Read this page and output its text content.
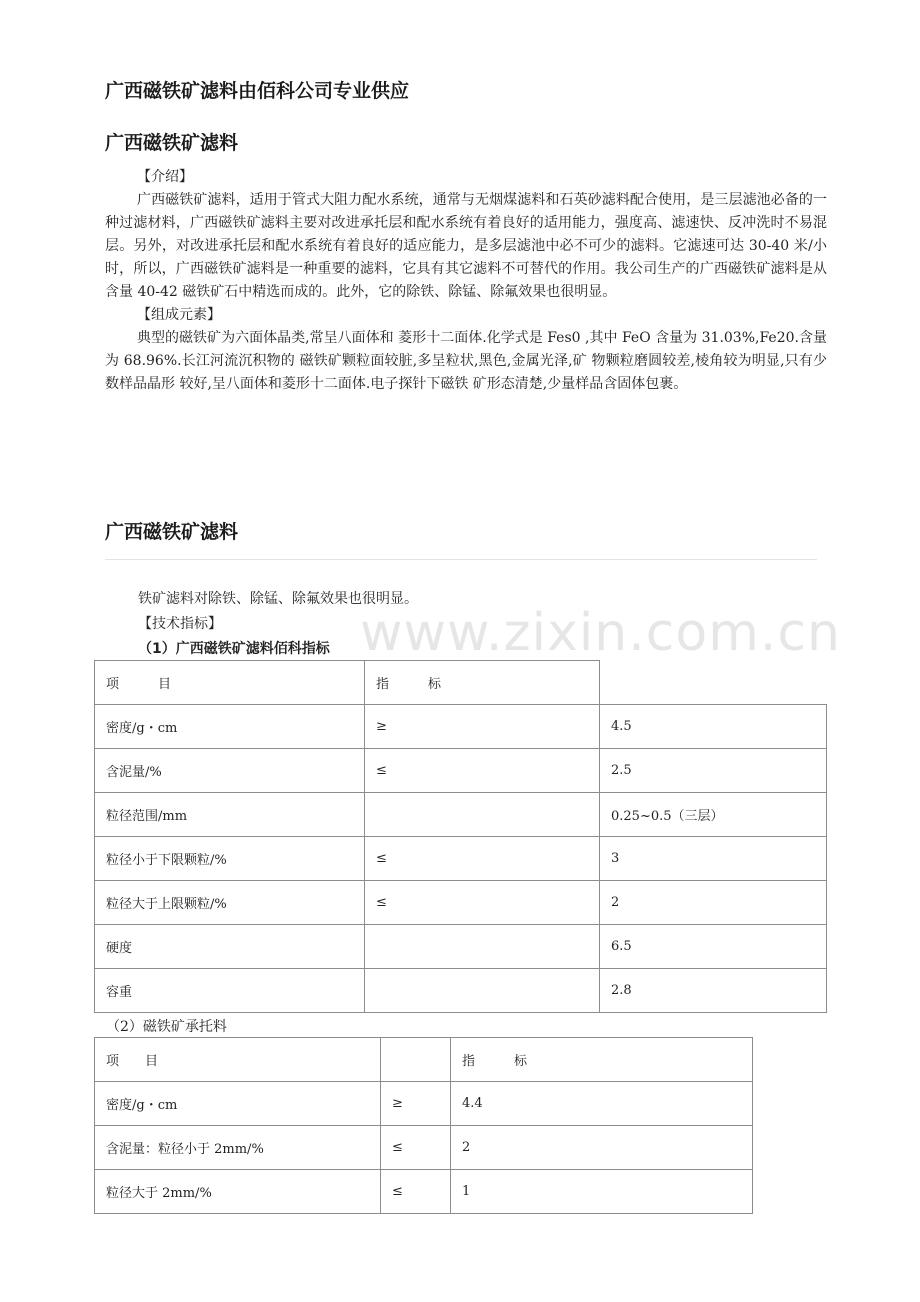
www.zixin.com.cn
广西磁铁矿滤料由佰科公司专业供应
广西磁铁矿滤料

【介绍】

广西磁铁矿滤料，适用于管式大阻力配水系统，通常与无烟煤滤料和石英砂滤料配合使用，是三层滤池必备的一种过滤材料，广西磁铁矿滤料主要对改进承托层和配水系统有着良好的适用能力，强度高、滤速快、反冲洗时不易混层。另外，对改进承托层和配水系统有着良好的适应能力，是多层滤池中必不可少的滤料。它滤速可达 30-40 米/小时，所以，广西磁铁矿滤料是一种重要的滤料，它具有其它滤料不可替代的作用。我公司生产的广西磁铁矿滤料是从含量 40-42 磁铁矿石中精选而成的。此外，它的除铁、除锰、除氟效果也很明显。

【组成元素】

典型的磁铁矿为六面体晶类,常呈八面体和 菱形十二面体.化学式是 Fes0 ,其中 FeO 含量为 31.03%,Fe20.含量为 68.96%.长江河流沉积物的 磁铁矿颗粒面较脏,多呈粒状,黑色,金属光泽,矿 物颗粒磨圆较差,棱角较为明显,只有少数样品晶形 较好,呈八面体和菱形十二面体.电子探针下磁铁 矿形态清楚,少量样品含固体包裹。

广西磁铁矿滤料
铁矿滤料对除铁、除锰、除氟效果也很明显。
【技术指标】
（1）广西磁铁矿滤料佰科指标
项　　　目	指　　　标	
密度/g・cm	≥	4.5
含泥量/%	≤	2.5
粒径范围/mm		0.25~0.5（三层）
粒径小于下限颗粒/%	≤	3
粒径大于上限颗粒/%	≤	2
硬度		6.5
容重		2.8
（2）磁铁矿承托料
项　　目		指　　　标
密度/g・cm	≥	4.4
含泥量：粒径小于 2mm/%	≤	2
粒径大于 2mm/%	≤	1
